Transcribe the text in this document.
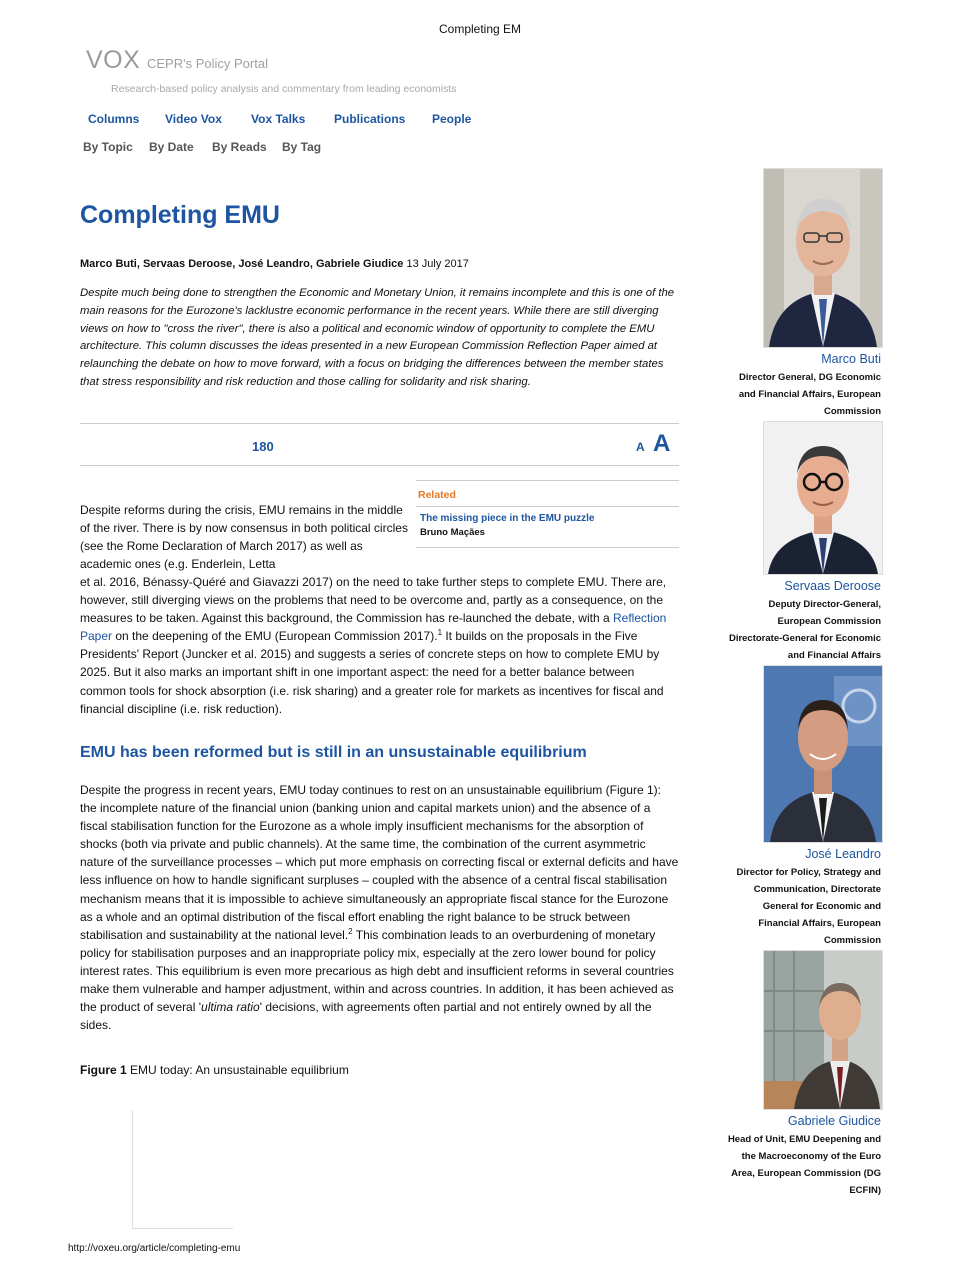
Completing EM
VOX CEPR's Policy Portal
Research-based policy analysis and commentary from leading economists
Columns Video Vox Vox Talks Publications People
By Topic By Date By Reads By Tag
Completing EMU
Marco Buti, Servaas Deroose, José Leandro, Gabriele Giudice 13 July 2017

Despite much being done to strengthen the Economic and Monetary Union, it remains incomplete and this is one of the main reasons for the Eurozone's lacklustre economic performance in the recent years. While there are still diverging views on how to "cross the river", there is also a political and economic window of opportunity to complete the EMU architecture. This column discusses the ideas presented in a new European Commission Reflection Paper aimed at relaunching the debate on how to move forward, with a focus on bridging the differences between the member states that stress responsibility and risk reduction and those calling for solidarity and risk sharing.

180	A A
Related
The missing piece in the EMU puzzle
Bruno Maçães

Despite reforms during the crisis, EMU remains in the middle of the river. There is by now consensus in both political circles (see the Rome Declaration of March 2017) as well as academic ones (e.g. Enderlein, Letta

et al. 2016, Bénassy-Quéré and Giavazzi 2017) on the need to take further steps to complete EMU. There are, however, still diverging views on the problems that need to be overcome and, partly as a consequence, on the measures to be taken. Against this background, the Commission has re-launched the debate, with a Reflection Paper on the deepening of the EMU (European Commission 2017).$^1$ It builds on the proposals in the Five Presidents' Report (Juncker et al. 2015) and suggests a series of concrete steps on how to complete EMU by 2025. But it also marks an important shift in one important aspect: the need for a better balance between common tools for shock absorption (i.e. risk sharing) and a greater role for markets as incentives for fiscal and financial discipline (i.e. risk reduction).

EMU has been reformed but is still in an unsustainable equilibrium

Despite the progress in recent years, EMU today continues to rest on an unsustainable equilibrium (Figure 1): the incomplete nature of the financial union (banking union and capital markets union) and the absence of a fiscal stabilisation function for the Eurozone as a whole imply insufficient mechanisms for the absorption of shocks (both via private and public channels). At the same time, the combination of the current asymmetric nature of the surveillance processes – which put more emphasis on correcting fiscal or external deficits and have less influence on how to handle significant surpluses – coupled with the absence of a central fiscal stabilisation mechanism means that it is impossible to achieve simultaneously an appropriate fiscal stance for the Eurozone as a whole and an optimal distribution of the fiscal effort enabling the right balance to be struck between stabilisation and sustainability at the national level.$^2$ This combination leads to an overburdening of monetary policy for stabilisation purposes and an inappropriate policy mix, especially at the zero lower bound for policy interest rates. This equilibrium is even more precarious as high debt and insufficient reforms in several countries make them vulnerable and hamper adjustment, within and across countries. In addition, it has been achieved as the product of several 'ultima ratio' decisions, with agreements often partial and not entirely owned by all the sides.

Figure 1 EMU today: An unsustainable equilibrium
http://voxeu.org/article/completing-emu
Marco Buti
Director General, DG Economic
and Financial Affairs, European
Commission
Servaas Deroose
Deputy Director-General,
European Commission
Directorate-General for Economic
and Financial Affairs
José Leandro
Director for Policy, Strategy and
Communication, Directorate
General for Economic and
Financial Affairs, European
Commission
Gabriele Giudice
Head of Unit, EMU Deepening and
the Macroeconomy of the Euro
Area, European Commission (DG
ECFIN)
